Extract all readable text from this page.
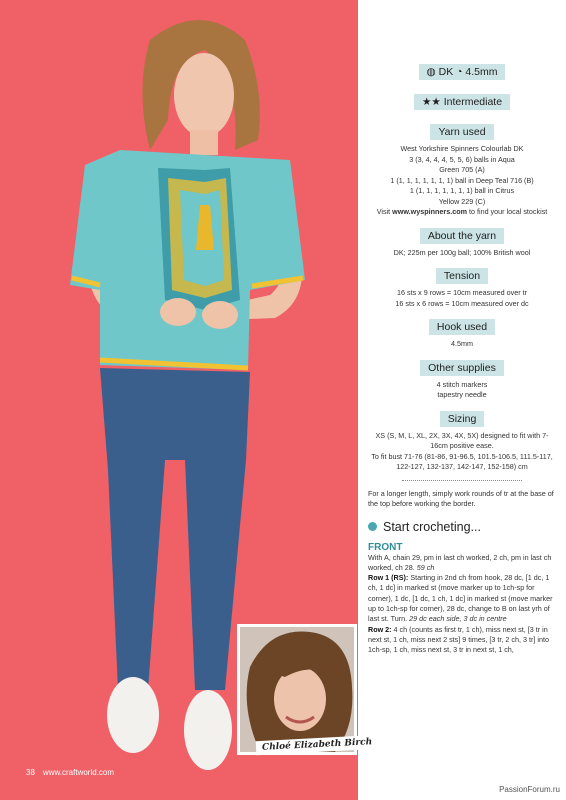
38 www.craftworld.com
Chloé Elizabeth Birch
◍ DK ◔ 4.5mm
★★ Intermediate
Yarn used
West Yorkshire Spinners Colourlab DK
3 (3, 4, 4, 4, 5, 5, 6) balls in Aqua
Green 705 (A)
1 (1, 1, 1, 1, 1, 1, 1) ball in Deep Teal 716 (B)
1 (1, 1, 1, 1, 1, 1, 1) ball in Citrus
Yellow 229 (C)
Visit www.wyspinners.com to find your local stockist
About the yarn
DK; 225m per 100g ball; 100% British wool
Tension
16 sts x 9 rows = 10cm measured over tr
16 sts x 6 rows = 10cm measured over dc
Hook used
4.5mm
Other supplies
4 stitch markers
tapestry needle
Sizing
XS (S, M, L, XL, 2X, 3X, 4X, 5X) designed to fit with 7-16cm positive ease.
To fit bust 71-76 (81-86, 91-96.5, 101.5-106.5, 111.5-117, 122-127, 132-137, 142-147, 152-158) cm
For a longer length, simply work rounds of tr at the base of the top before working the border.
Start crocheting...
FRONT
With A, chain 29, pm in last ch worked, 2 ch, pm in last ch worked, ch 28. 59 ch
Row 1 (RS): Starting in 2nd ch from hook, 28 dc, [1 dc, 1 ch, 1 dc] in marked st (move marker up to 1ch-sp for corner), 1 dc, [1 dc, 1 ch, 1 dc] in marked st (move marker up to 1ch-sp for corner), 28 dc, change to B on last yrh of last st. Turn. 29 dc each side, 3 dc in centre
Row 2: 4 ch (counts as first tr, 1 ch), miss next st, [3 tr in next st, 1 ch, miss next 2 sts] 9 times, [3 tr, 2 ch, 3 tr] into 1ch-sp, 1 ch, miss next st, 3 tr in next st, 1 ch,
PassionForum.ru
